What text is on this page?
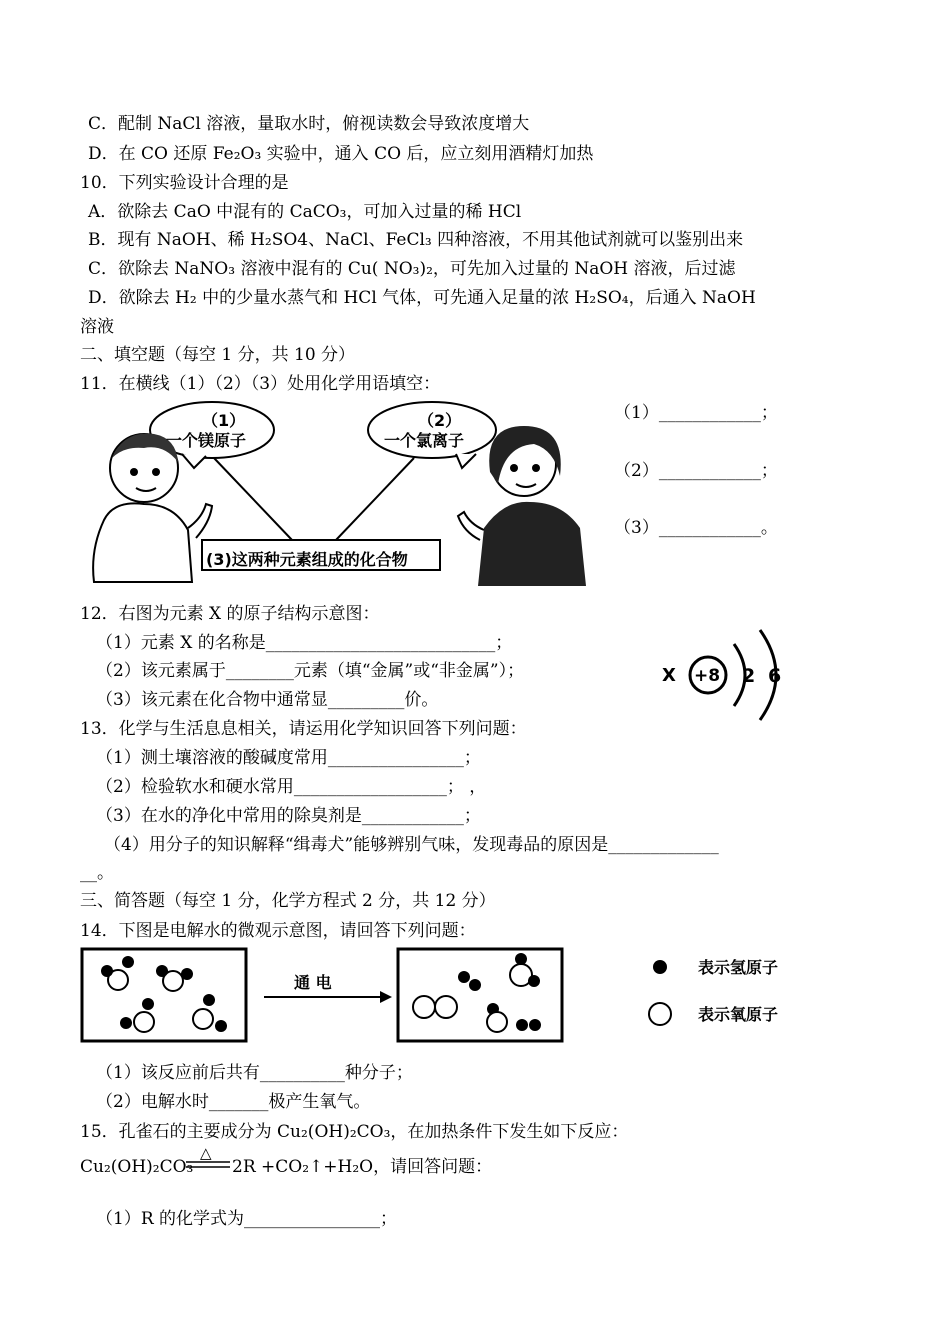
C．配制 NaCl 溶液，量取水时，俯视读数会导致浓度增大
D．在 CO 还原 Fe₂O₃ 实验中，通入 CO 后，应立刻用酒精灯加热
10．下列实验设计合理的是
A．欲除去 CaO 中混有的 CaCO₃，可加入过量的稀 HCl
B．现有 NaOH、稀 H₂SO4、NaCl、FeCl₃ 四种溶液，不用其他试剂就可以鉴别出来
C．欲除去 NaNO₃ 溶液中混有的 Cu( NO₃)₂，可先加入过量的 NaOH 溶液，后过滤
D．欲除去 H₂ 中的少量水蒸气和 HCl 气体，可先通入足量的浓 H₂SO₄，后通入 NaOH
溶液
二、填空题（每空 1 分，共 10 分）
11．在横线（1）（2）（3）处用化学用语填空：
（1）
一个镁原子
（2）
一个氯离子
(3)这两种元素组成的化合物
（1）____________；
（2）____________；
（3）____________。
12．右图为元素 X 的原子结构示意图：
（1）元素 X 的名称是___________________________；
（2）该元素属于________元素（填“金属”或“非金属”）；
（3）该元素在化合物中通常显_________价。
X +8 2 6
13．化学与生活息息相关，请运用化学知识回答下列问题：
（1）测土壤溶液的酸碱度常用________________；
（2）检验软水和硬水常用__________________； ，
（3）在水的净化中常用的除臭剂是____________；
（4）用分子的知识解释“缉毒犬”能够辨别气味，发现毒品的原因是_____________
__。
三、简答题（每空 1 分，化学方程式 2 分，共 12 分）
14．下图是电解水的微观示意图，请回答下列问题：
通 电
表示氢原子
表示氧原子
（1）该反应前后共有__________种分子；
（2）电解水时_______极产生氧气。
15．孔雀石的主要成分为 Cu₂(OH)₂CO₃，在加热条件下发生如下反应：
Cu₂(OH)₂CO₃
△
2R +CO₂↑+H₂O，请回答问题：
（1）R 的化学式为________________；
